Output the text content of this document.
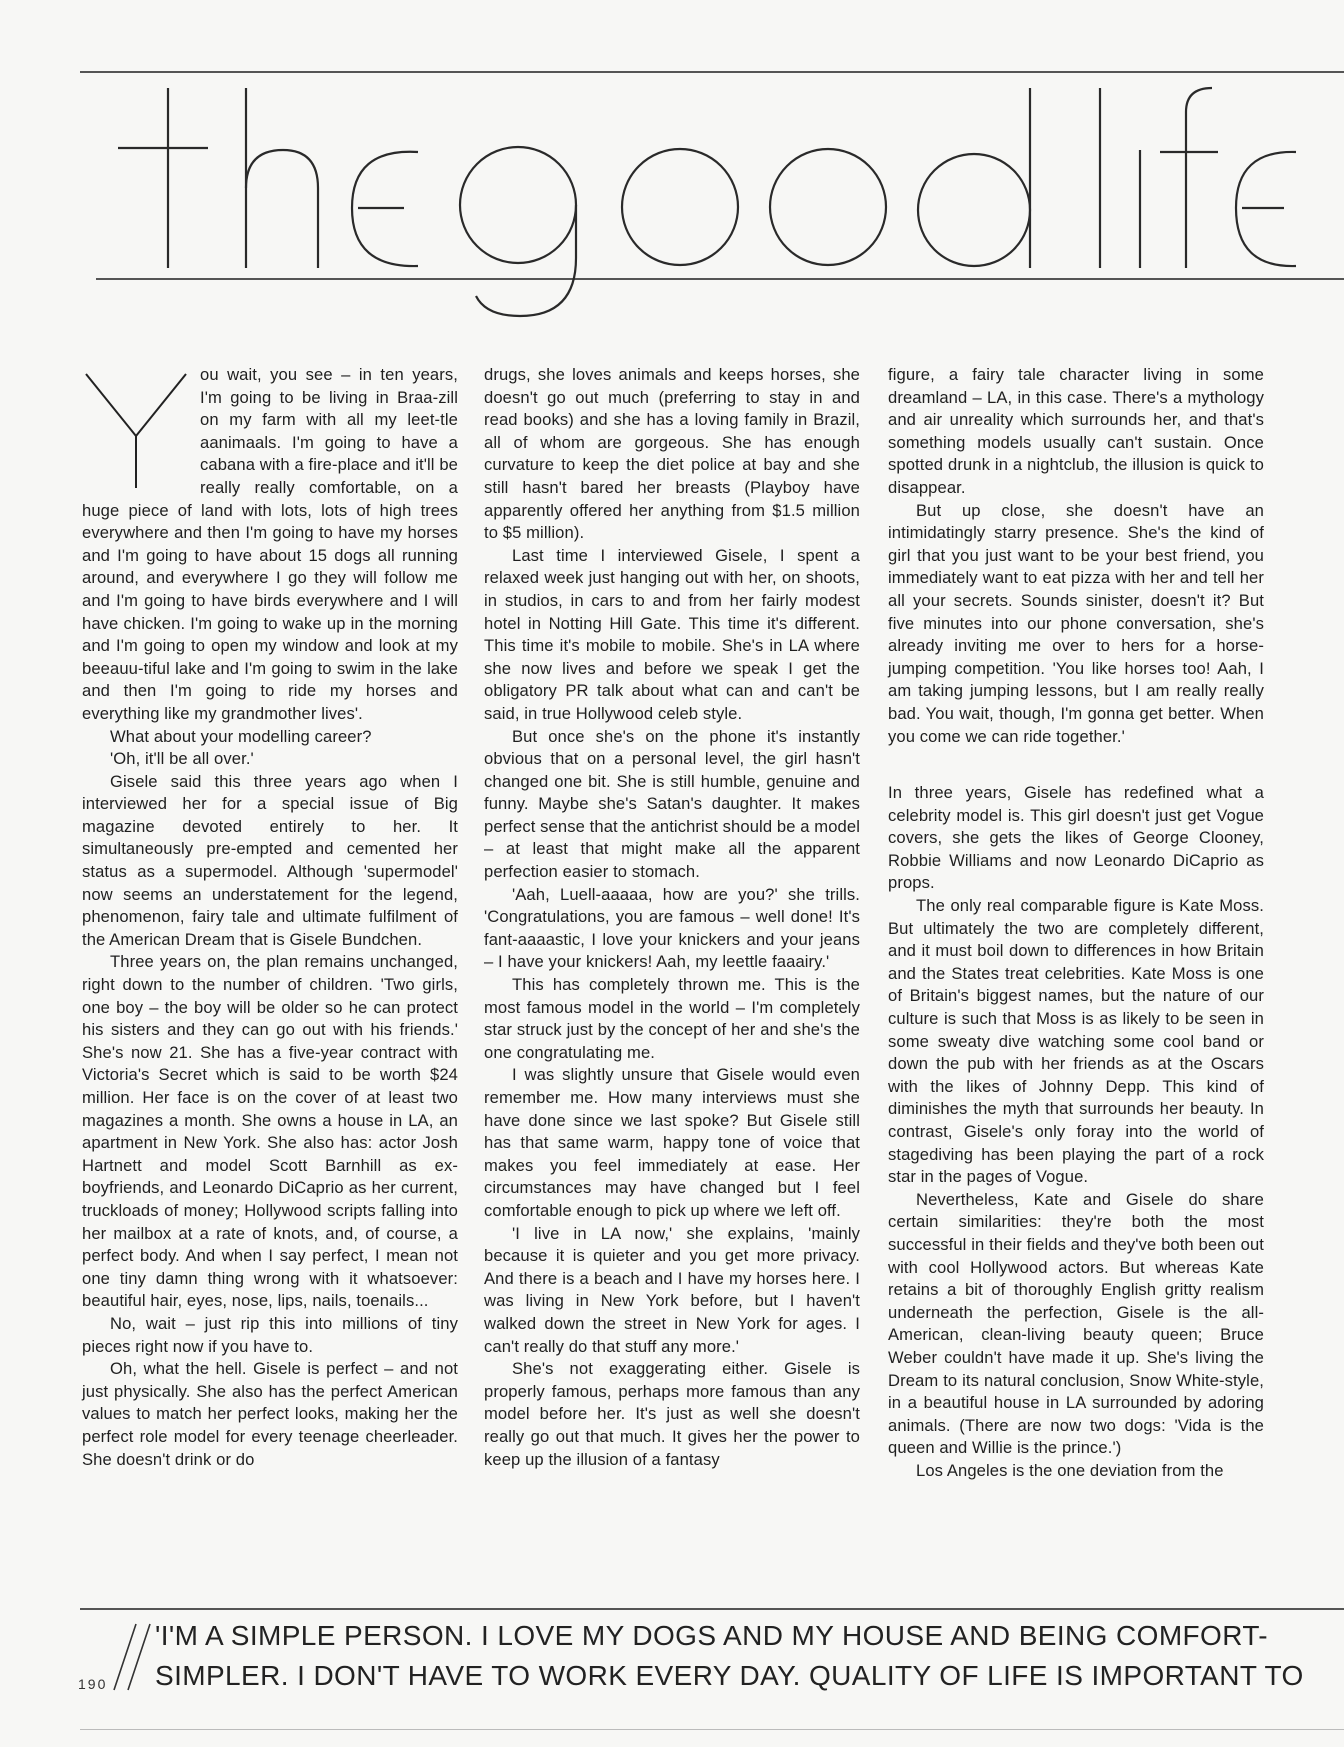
ou wait, you see – in ten years, I'm going to be living in Braa-zill on my farm with all my leet-tle aanimaals. I'm going to have a cabana with a fire-place and it'll be really really comfortable, on a huge piece of land with lots, lots of high trees everywhere and then I'm going to have my horses and I'm going to have about 15 dogs all running around, and everywhere I go they will follow me and I'm going to have birds everywhere and I will have chicken. I'm going to wake up in the morning and I'm going to open my window and look at my beeauu-tiful lake and I'm going to swim in the lake and then I'm going to ride my horses and everything like my grandmother lives'.

What about your modelling career?

'Oh, it'll be all over.'

Gisele said this three years ago when I interviewed her for a special issue of Big magazine devoted entirely to her. It simultaneously pre-empted and cemented her status as a supermodel. Although 'supermodel' now seems an understatement for the legend, phenomenon, fairy tale and ultimate fulfilment of the American Dream that is Gisele Bundchen.

Three years on, the plan remains unchanged, right down to the number of children. 'Two girls, one boy – the boy will be older so he can protect his sisters and they can go out with his friends.' She's now 21. She has a five-year contract with Victoria's Secret which is said to be worth $24 million. Her face is on the cover of at least two magazines a month. She owns a house in LA, an apartment in New York. She also has: actor Josh Hartnett and model Scott Barnhill as ex-boyfriends, and Leonardo DiCaprio as her current, truckloads of money; Hollywood scripts falling into her mailbox at a rate of knots, and, of course, a perfect body. And when I say perfect, I mean not one tiny damn thing wrong with it whatsoever: beautiful hair, eyes, nose, lips, nails, toenails...

No, wait – just rip this into millions of tiny pieces right now if you have to.

Oh, what the hell. Gisele is perfect – and not just physically. She also has the perfect American values to match her perfect looks, making her the perfect role model for every teenage cheerleader. She doesn't drink or do

drugs, she loves animals and keeps horses, she doesn't go out much (preferring to stay in and read books) and she has a loving family in Brazil, all of whom are gorgeous. She has enough curvature to keep the diet police at bay and she still hasn't bared her breasts (Playboy have apparently offered her anything from $1.5 million to $5 million).

Last time I interviewed Gisele, I spent a relaxed week just hanging out with her, on shoots, in studios, in cars to and from her fairly modest hotel in Notting Hill Gate. This time it's different. This time it's mobile to mobile. She's in LA where she now lives and before we speak I get the obligatory PR talk about what can and can't be said, in true Hollywood celeb style.

But once she's on the phone it's instantly obvious that on a personal level, the girl hasn't changed one bit. She is still humble, genuine and funny. Maybe she's Satan's daughter. It makes perfect sense that the antichrist should be a model – at least that might make all the apparent perfection easier to stomach.

'Aah, Luell-aaaaa, how are you?' she trills. 'Congratulations, you are famous – well done! It's fant-aaaastic, I love your knickers and your jeans – I have your knickers! Aah, my leettle faaairy.'

This has completely thrown me. This is the most famous model in the world – I'm completely star struck just by the concept of her and she's the one congratulating me.

I was slightly unsure that Gisele would even remember me. How many interviews must she have done since we last spoke? But Gisele still has that same warm, happy tone of voice that makes you feel immediately at ease. Her circumstances may have changed but I feel comfortable enough to pick up where we left off.

'I live in LA now,' she explains, 'mainly because it is quieter and you get more privacy. And there is a beach and I have my horses here. I was living in New York before, but I haven't walked down the street in New York for ages. I can't really do that stuff any more.'

She's not exaggerating either. Gisele is properly famous, perhaps more famous than any model before her. It's just as well she doesn't really go out that much. It gives her the power to keep up the illusion of a fantasy

figure, a fairy tale character living in some dreamland – LA, in this case. There's a mythology and air unreality which surrounds her, and that's something models usually can't sustain. Once spotted drunk in a nightclub, the illusion is quick to disappear.

But up close, she doesn't have an intimidatingly starry presence. She's the kind of girl that you just want to be your best friend, you immediately want to eat pizza with her and tell her all your secrets. Sounds sinister, doesn't it? But five minutes into our phone conversation, she's already inviting me over to hers for a horse-jumping competition. 'You like horses too! Aah, I am taking jumping lessons, but I am really really bad. You wait, though, I'm gonna get better. When you come we can ride together.'

In three years, Gisele has redefined what a celebrity model is. This girl doesn't just get Vogue covers, she gets the likes of George Clooney, Robbie Williams and now Leonardo DiCaprio as props.

The only real comparable figure is Kate Moss. But ultimately the two are completely different, and it must boil down to differences in how Britain and the States treat celebrities. Kate Moss is one of Britain's biggest names, but the nature of our culture is such that Moss is as likely to be seen in some sweaty dive watching some cool band or down the pub with her friends as at the Oscars with the likes of Johnny Depp. This kind of diminishes the myth that surrounds her beauty. In contrast, Gisele's only foray into the world of stagediving has been playing the part of a rock star in the pages of Vogue.

Nevertheless, Kate and Gisele do share certain similarities: they're both the most successful in their fields and they've both been out with cool Hollywood actors. But whereas Kate retains a bit of thoroughly English gritty realism underneath the perfection, Gisele is the all-American, clean-living beauty queen; Bruce Weber couldn't have made it up. She's living the Dream to its natural conclusion, Snow White-style, in a beautiful house in LA surrounded by adoring animals. (There are now two dogs: 'Vida is the queen and Willie is the prince.')

Los Angeles is the one deviation from the

'I'M A SIMPLE PERSON. I LOVE MY DOGS AND MY HOUSE AND BEING COMFORT-
SIMPLER. I DON'T HAVE TO WORK EVERY DAY. QUALITY OF LIFE IS IMPORTANT TO
190
